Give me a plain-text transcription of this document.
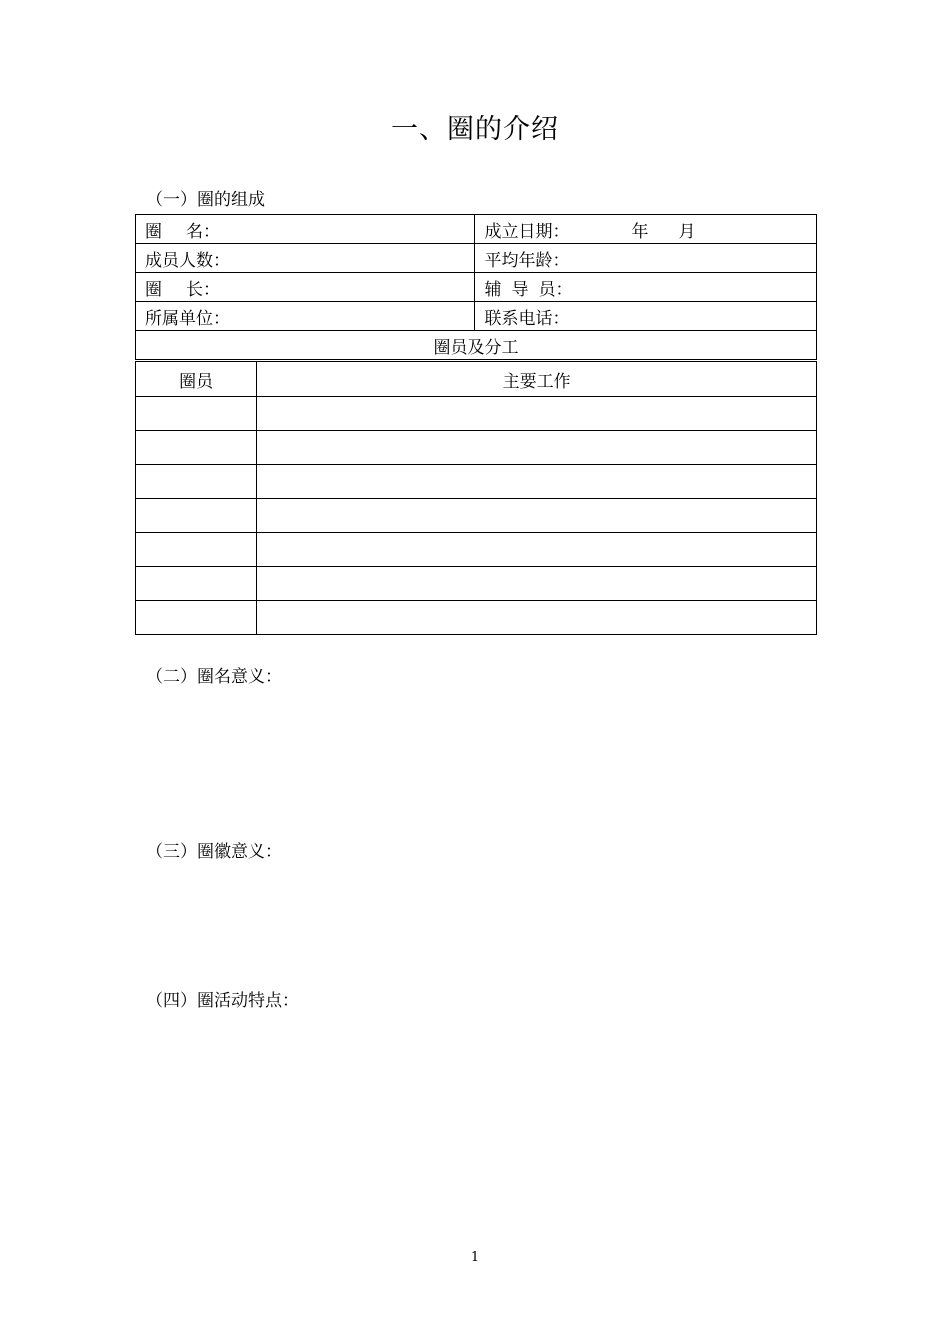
一、圈的介绍
（一）圈的组成
圈 名：	成立日期： 年 月
成员人数：	平均年龄：
圈 长：	辅 导 员：
所属单位：	联系电话：
圈员及分工	
圈员	主要工作

（二）圈名意义：
（三）圈徽意义：
（四）圈活动特点：
1
